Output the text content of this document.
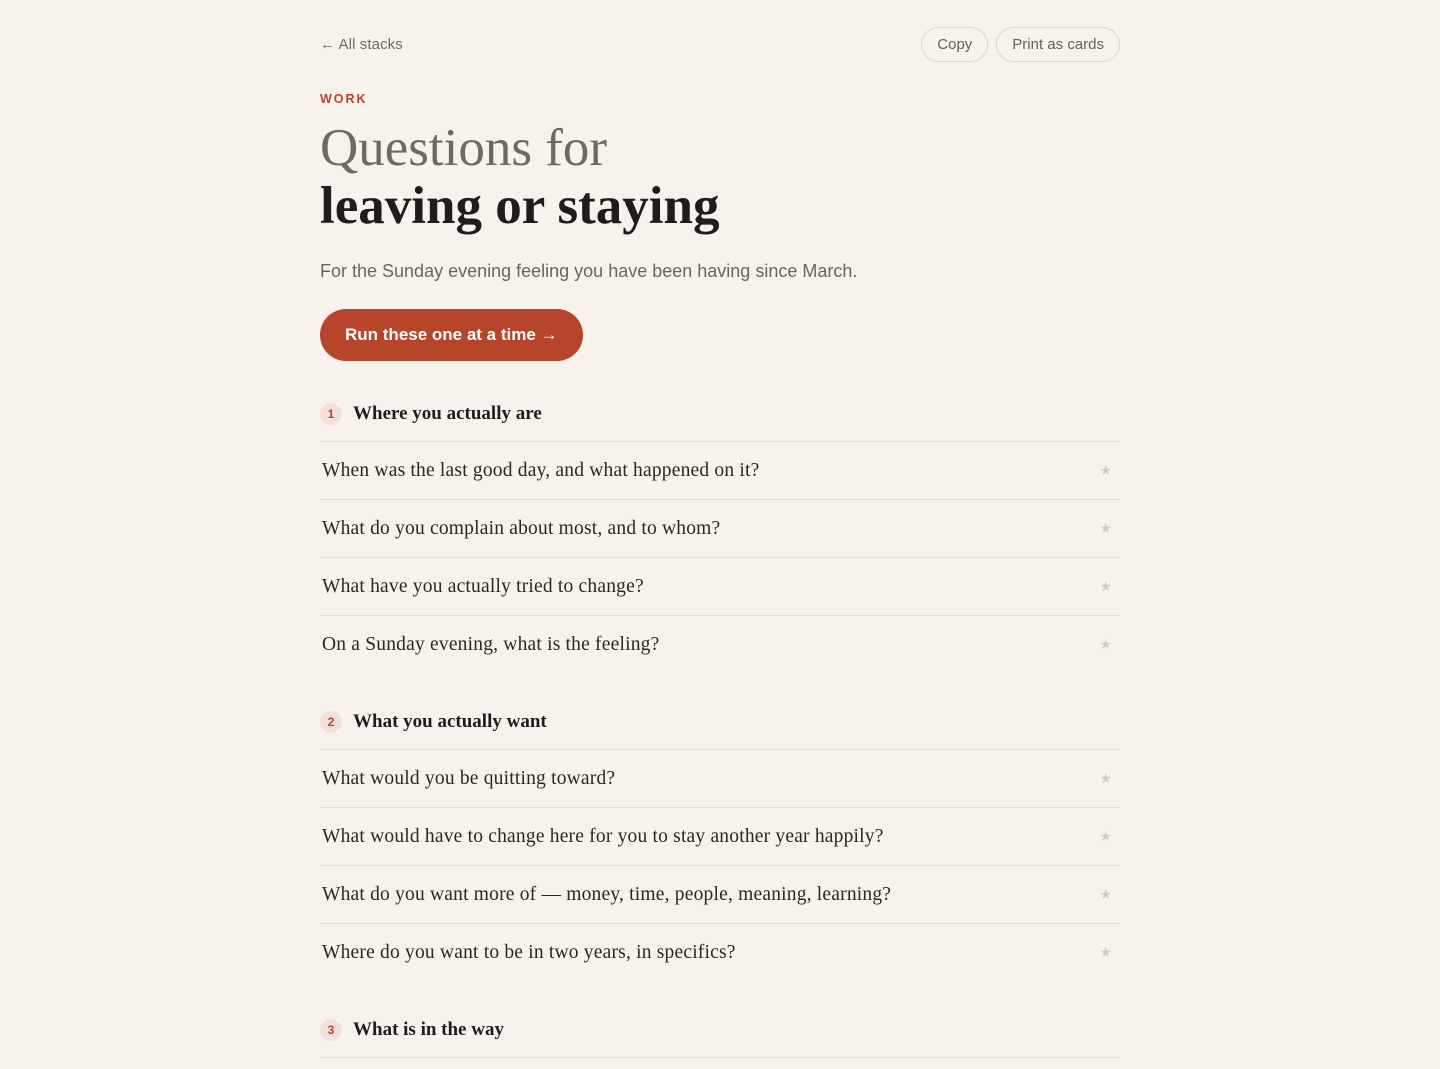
← All stacks	Copy	Print as cards

WORK

Questions for
leaving or staying

For the Sunday evening feeling you have been having since March.

Run these one at a time →
1 Where you actually are
When was the last good day, and what happened on it?	★
What do you complain about most, and to whom?	★
What have you actually tried to change?	★
On a Sunday evening, what is the feeling?	★
2 What you actually want
What would you be quitting toward?	★
What would have to change here for you to stay another year happily?	★
What do you want more of — money, time, people, meaning, learning?	★
Where do you want to be in two years, in specifics?	★
3 What is in the way
